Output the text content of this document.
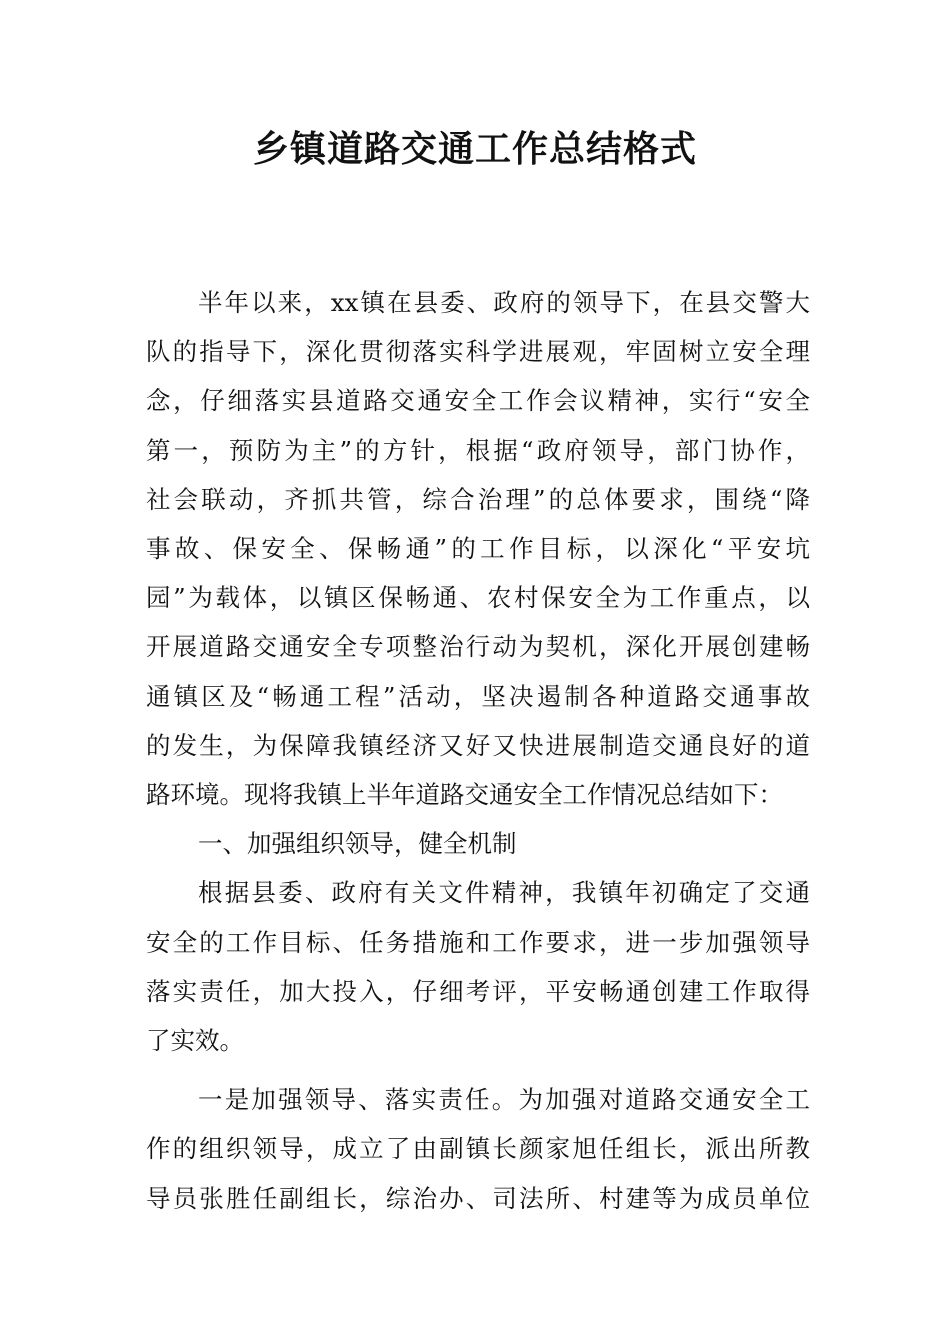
乡镇道路交通工作总结格式
半年以来，xx镇在县委、政府的领导下，在县交警大
队的指导下，深化贯彻落实科学进展观，牢固树立安全理
念，仔细落实县道路交通安全工作会议精神，实行“安全
第一，预防为主”的方针，根据“政府领导，部门协作，
社会联动，齐抓共管，综合治理”的总体要求，围绕“降
事故、保安全、保畅通”的工作目标，以深化“平安坑
园”为载体，以镇区保畅通、农村保安全为工作重点，以
开展道路交通安全专项整治行动为契机，深化开展创建畅
通镇区及“畅通工程”活动，坚决遏制各种道路交通事故
的发生，为保障我镇经济又好又快进展制造交通良好的道
路环境。现将我镇上半年道路交通安全工作情况总结如下：
一、加强组织领导，健全机制
根据县委、政府有关文件精神，我镇年初确定了交通
安全的工作目标、任务措施和工作要求，进一步加强领导
落实责任，加大投入，仔细考评，平安畅通创建工作取得
了实效。
一是加强领导、落实责任。为加强对道路交通安全工
作的组织领导，成立了由副镇长颜家旭任组长，派出所教
导员张胜任副组长，综治办、司法所、村建等为成员单位
